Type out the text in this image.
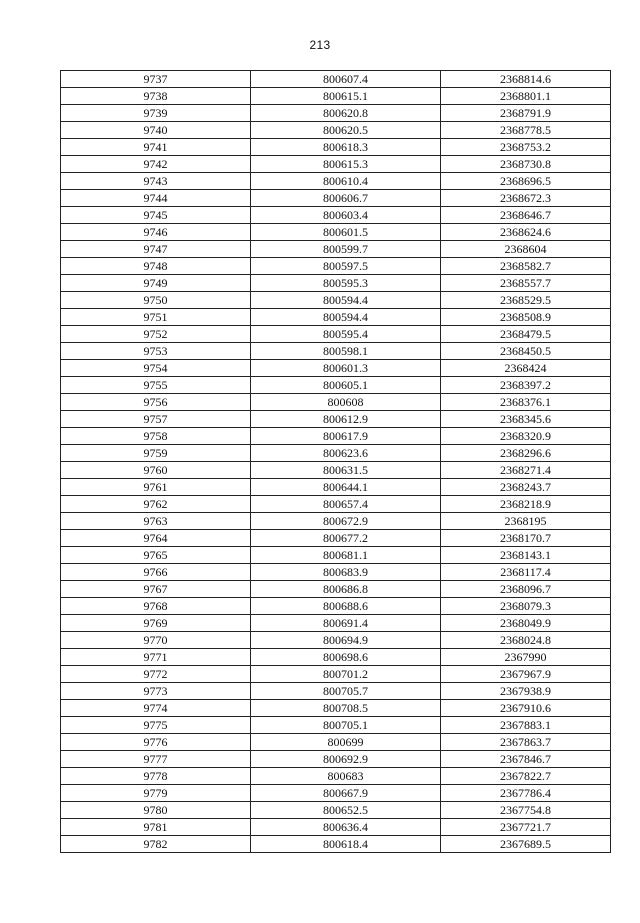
213
9737	800607.4	2368814.6
9738	800615.1	2368801.1
9739	800620.8	2368791.9
9740	800620.5	2368778.5
9741	800618.3	2368753.2
9742	800615.3	2368730.8
9743	800610.4	2368696.5
9744	800606.7	2368672.3
9745	800603.4	2368646.7
9746	800601.5	2368624.6
9747	800599.7	2368604
9748	800597.5	2368582.7
9749	800595.3	2368557.7
9750	800594.4	2368529.5
9751	800594.4	2368508.9
9752	800595.4	2368479.5
9753	800598.1	2368450.5
9754	800601.3	2368424
9755	800605.1	2368397.2
9756	800608	2368376.1
9757	800612.9	2368345.6
9758	800617.9	2368320.9
9759	800623.6	2368296.6
9760	800631.5	2368271.4
9761	800644.1	2368243.7
9762	800657.4	2368218.9
9763	800672.9	2368195
9764	800677.2	2368170.7
9765	800681.1	2368143.1
9766	800683.9	2368117.4
9767	800686.8	2368096.7
9768	800688.6	2368079.3
9769	800691.4	2368049.9
9770	800694.9	2368024.8
9771	800698.6	2367990
9772	800701.2	2367967.9
9773	800705.7	2367938.9
9774	800708.5	2367910.6
9775	800705.1	2367883.1
9776	800699	2367863.7
9777	800692.9	2367846.7
9778	800683	2367822.7
9779	800667.9	2367786.4
9780	800652.5	2367754.8
9781	800636.4	2367721.7
9782	800618.4	2367689.5
